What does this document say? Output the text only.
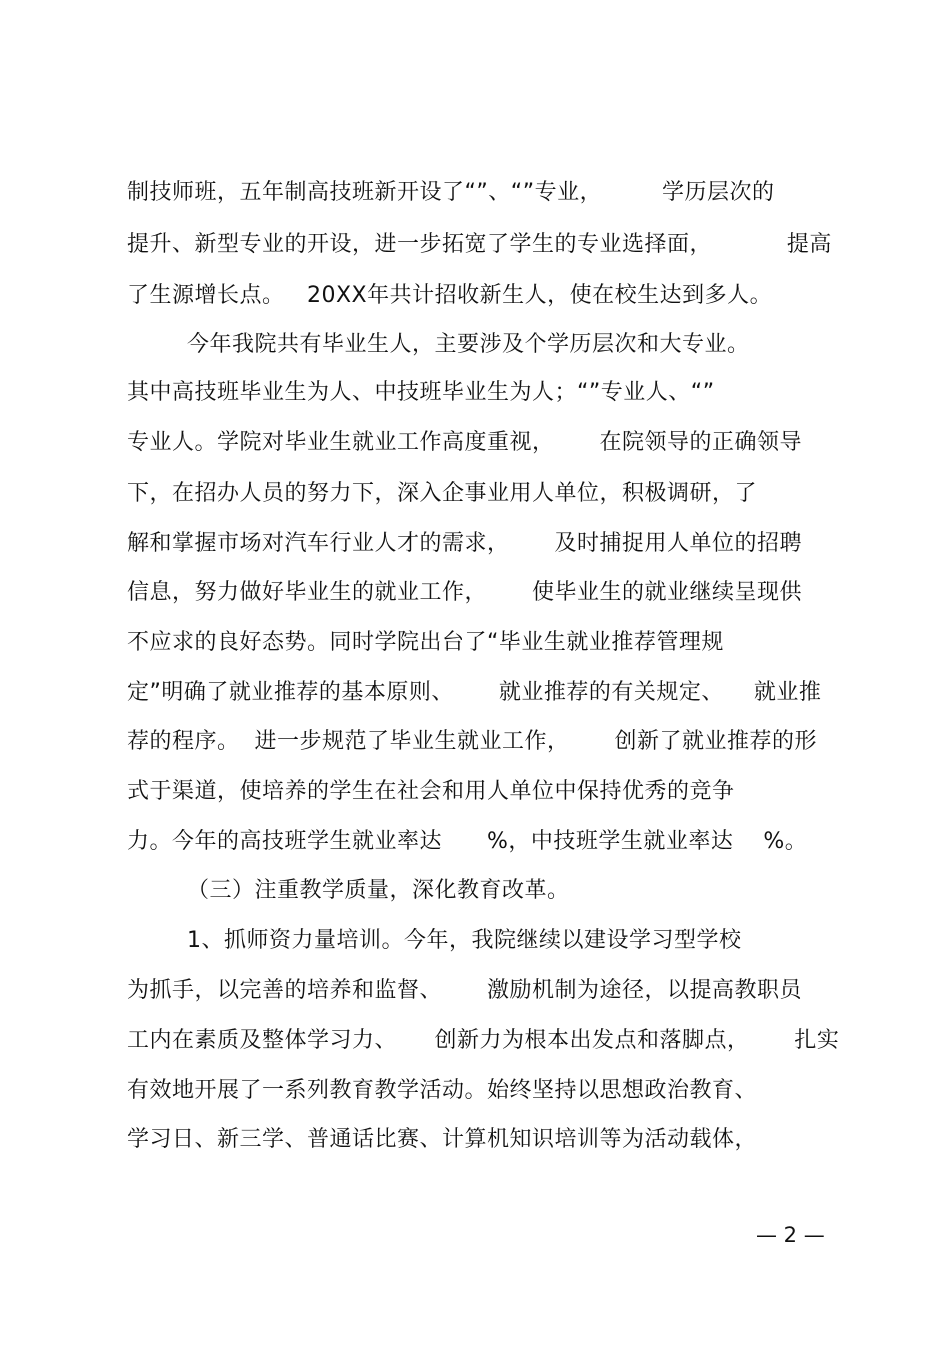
制技师班，五年制高技班新开设了“”、“”专业，        学历层次的
提升、新型专业的开设，进一步拓宽了学生的专业选择面，          提高
了生源增长点。   20XX年共计招收新生人，使在校生达到多人。
今年我院共有毕业生人，主要涉及个学历层次和大专业。
其中高技班毕业生为人、中技班毕业生为人；“”专业人、“”
专业人。学院对毕业生就业工作高度重视，      在院领导的正确领导
下，在招办人员的努力下，深入企事业用人单位，积极调研，了
解和掌握市场对汽车行业人才的需求，      及时捕捉用人单位的招聘
信息，努力做好毕业生的就业工作，      使毕业生的就业继续呈现供
不应求的良好态势。同时学院出台了“毕业生就业推荐管理规
定”明确了就业推荐的基本原则、      就业推荐的有关规定、    就业推
荐的程序。  进一步规范了毕业生就业工作，      创新了就业推荐的形
式于渠道，使培养的学生在社会和用人单位中保持优秀的竞争
力。今年的高技班学生就业率达      %，中技班学生就业率达    %。
（三）注重教学质量，深化教育改革。
1、抓师资力量培训。今年，我院继续以建设学习型学校
为抓手，以完善的培养和监督、      激励机制为途径，以提高教职员
工内在素质及整体学习力、     创新力为根本出发点和落脚点，      扎实
有效地开展了一系列教育教学活动。始终坚持以思想政治教育、
学习日、新三学、普通话比赛、计算机知识培训等为活动载体，
— 2 —
